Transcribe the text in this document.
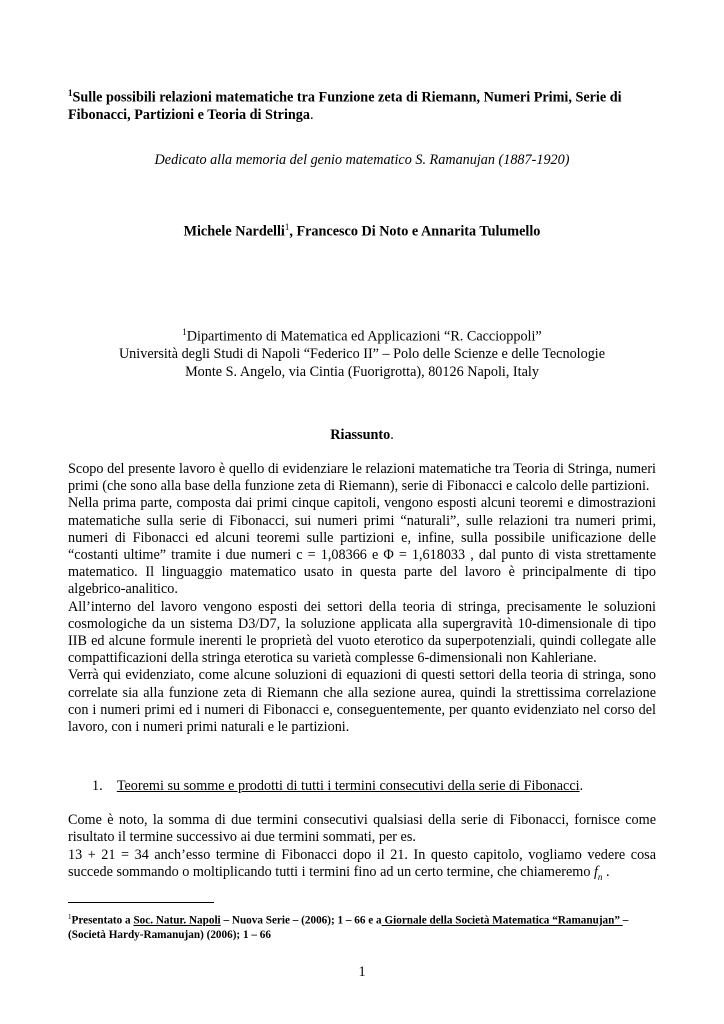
$^1$Sulle possibili relazioni matematiche tra Funzione zeta di Riemann, Numeri Primi, Serie di Fibonacci, Partizioni e Teoria di Stringa.
Dedicato alla memoria del genio matematico S. Ramanujan (1887-1920)
Michele Nardelli$^1$, Francesco Di Noto e Annarita Tulumello
$^1$Dipartimento di Matematica ed Applicazioni “R. Caccioppoli”
Università degli Studi di Napoli “Federico II” – Polo delle Scienze e delle Tecnologie
Monte S. Angelo, via Cintia (Fuorigrotta), 80126 Napoli, Italy
Riassunto.

Scopo del presente lavoro è quello di evidenziare le relazioni matematiche tra Teoria di Stringa, numeri primi (che sono alla base della funzione zeta di Riemann), serie di Fibonacci e calcolo delle partizioni.

Nella prima parte, composta dai primi cinque capitoli, vengono esposti alcuni teoremi e dimostrazioni matematiche sulla serie di Fibonacci, sui numeri primi “naturali”, sulle relazioni tra numeri primi, numeri di Fibonacci ed alcuni teoremi sulle partizioni e, infine, sulla possibile unificazione delle “costanti ultime” tramite i due numeri c = 1,08366 e Φ = 1,618033 , dal punto di vista strettamente matematico. Il linguaggio matematico usato in questa parte del lavoro è principalmente di tipo algebrico-analitico.

All’interno del lavoro vengono esposti dei settori della teoria di stringa, precisamente le soluzioni cosmologiche da un sistema D3/D7, la soluzione applicata alla supergravità 10-dimensionale di tipo IIB ed alcune formule inerenti le proprietà del vuoto eterotico da superpotenziali, quindi collegate alle compattificazioni della stringa eterotica su varietà complesse 6-dimensionali non Kahleriane.

Verrà qui evidenziato, come alcune soluzioni di equazioni di questi settori della teoria di stringa, sono correlate sia alla funzione zeta di Riemann che alla sezione aurea, quindi la strettissima correlazione con i numeri primi ed i numeri di Fibonacci e, conseguentemente, per quanto evidenziato nel corso del lavoro, con i numeri primi naturali e le partizioni.

1. Teoremi su somme e prodotti di tutti i termini consecutivi della serie di Fibonacci.

Come è noto, la somma di due termini consecutivi qualsiasi della serie di Fibonacci, fornisce come risultato il termine successivo ai due termini sommati, per es.

13 + 21 = 34 anch’esso termine di Fibonacci dopo il 21. In questo capitolo, vogliamo vedere cosa succede sommando o moltiplicando tutti i termini fino ad un certo termine, che chiameremo $f_n$ .

$^1$Presentato a Soc. Natur. Napoli – Nuova Serie – (2006); 1 – 66 e a Giornale della Società Matematica “Ramanujan” – (Società Hardy-Ramanujan) (2006); 1 – 66
1
